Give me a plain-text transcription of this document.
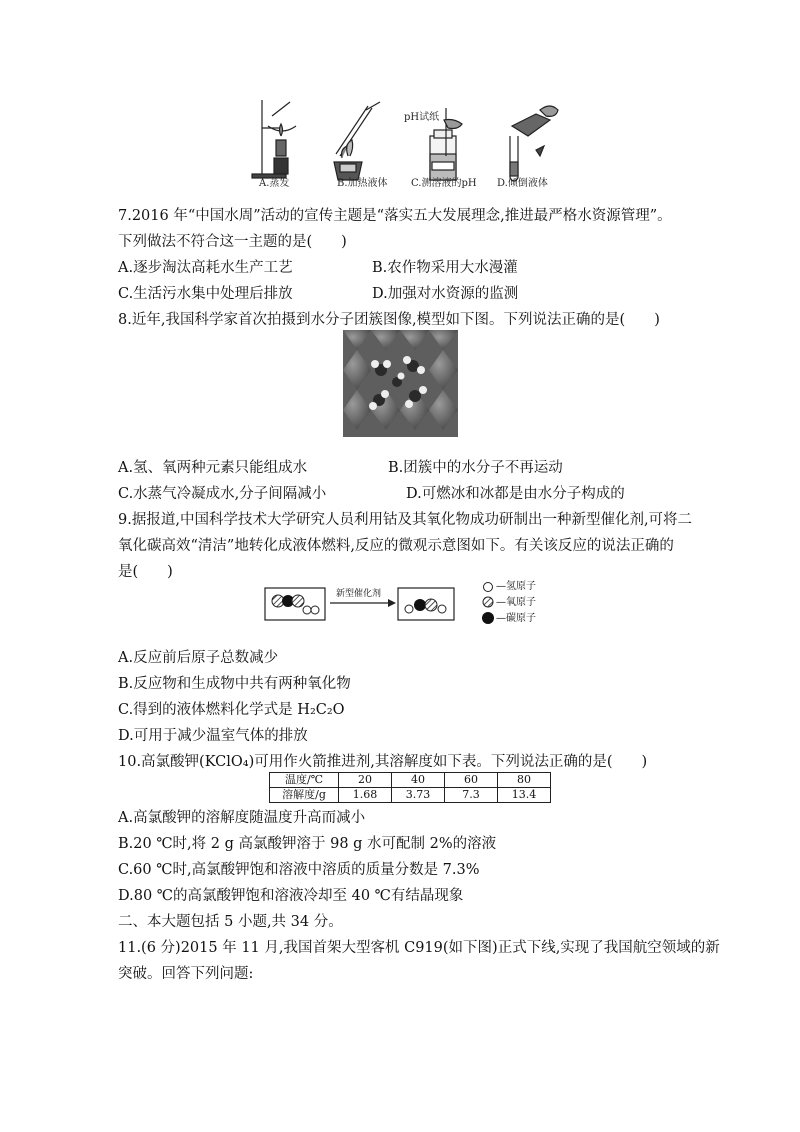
pH试纸
A.蒸发	B.加热液体 C.测溶液的pH D.倾倒液体
7.2016 年“中国水周”活动的宣传主题是“落实五大发展理念,推进最严格水资源管理”。
下列做法不符合这一主题的是(　　)
A.逐步淘汰高耗水生产工艺	B.农作物采用大水漫灌
C.生活污水集中处理后排放	D.加强对水资源的监测
8.近年,我国科学家首次拍摄到水分子团簇图像,模型如下图。下列说法正确的是(　　)
A.氢、氧两种元素只能组成水	B.团簇中的水分子不再运动
C.水蒸气冷凝成水,分子间隔减小	D.可燃冰和冰都是由水分子构成的
9.据报道,中国科学技术大学研究人员利用钴及其氧化物成功研制出一种新型催化剂,可将二
氧化碳高效“清洁”地转化成液体燃料,反应的微观示意图如下。有关该反应的说法正确的
是(　　)
新型催化剂
—氢原子
—氧原子
—碳原子
A.反应前后原子总数减少
B.反应物和生成物中共有两种氧化物
C.得到的液体燃料化学式是 H₂C₂O
D.可用于减少温室气体的排放
10.高氯酸钾(KClO₄)可用作火箭推进剂,其溶解度如下表。下列说法正确的是(　　)
温度/℃	20	40	60	80
溶解度/g	1.68	3.73	7.3	13.4
A.高氯酸钾的溶解度随温度升高而减小
B.20 ℃时,将 2 g 高氯酸钾溶于 98 g 水可配制 2%的溶液
C.60 ℃时,高氯酸钾饱和溶液中溶质的质量分数是 7.3%
D.80 ℃的高氯酸钾饱和溶液冷却至 40 ℃有结晶现象
二、本大题包括 5 小题,共 34 分。
11.(6 分)2015 年 11 月,我国首架大型客机 C919(如下图)正式下线,实现了我国航空领域的新
突破。回答下列问题:
